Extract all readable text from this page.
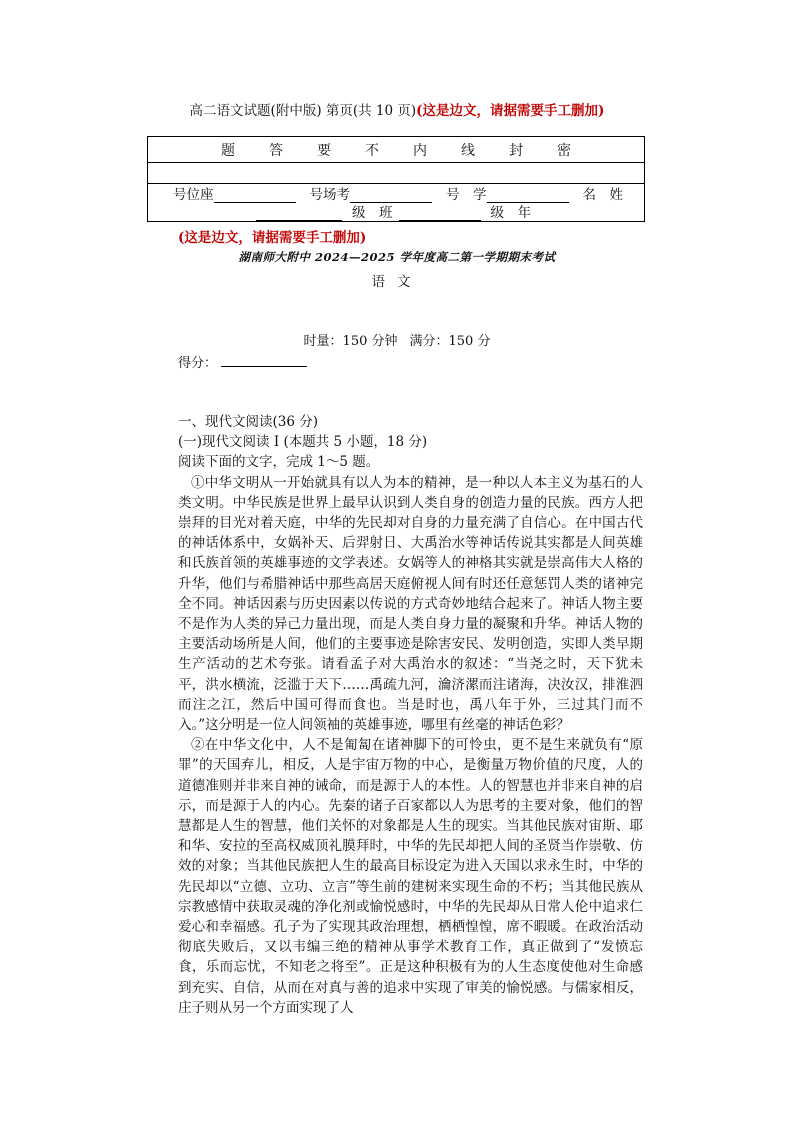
高二语文试题(附中版) 第页(共 10 页)(这是边文，请据需要手工删加)
题 答 要 不 内 线 封 密
号位座	号场考	号　学	名　姓
级　班	级　年
(这是边文，请据需要手工删加)
湖南师大附中 2024—2025 学年度高二第一学期期末考试
语文
时量：150 分钟 满分：150 分
得分：

一、现代文阅读(36 分)

(一)现代文阅读 I (本题共 5 小题，18 分)

阅读下面的文字，完成 1～5 题。

①中华文明从一开始就具有以人为本的精神，是一种以人本主义为基石的人类文明。中华民族是世界上最早认识到人类自身的创造力量的民族。西方人把崇拜的目光对着天庭，中华的先民却对自身的力量充满了自信心。在中国古代的神话体系中，女娲补天、后羿射日、大禹治水等神话传说其实都是人间英雄和氏族首领的英雄事迹的文学表述。女娲等人的神格其实就是崇高伟大人格的升华，他们与希腊神话中那些高居天庭俯视人间有时还任意惩罚人类的诸神完全不同。神话因素与历史因素以传说的方式奇妙地结合起来了。神话人物主要不是作为人类的异己力量出现，而是人类自身力量的凝聚和升华。神话人物的主要活动场所是人间，他们的主要事迹是除害安民、发明创造，实即人类早期生产活动的艺术夸张。请看孟子对大禹治水的叙述：“当尧之时，天下犹未平，洪水横流，泛滥于天下……禹疏九河，瀹济漯而注诸海，决汝汉，排淮泗而注之江，然后中国可得而食也。当是时也，禹八年于外，三过其门而不入。”这分明是一位人间领袖的英雄事迹，哪里有丝毫的神话色彩？

②在中华文化中，人不是匍匐在诸神脚下的可怜虫，更不是生来就负有“原罪”的天国弃儿，相反，人是宇宙万物的中心，是衡量万物价值的尺度，人的道德准则并非来自神的诫命，而是源于人的本性。人的智慧也并非来自神的启示，而是源于人的内心。先秦的诸子百家都以人为思考的主要对象，他们的智慧都是人生的智慧，他们关怀的对象都是人生的现实。当其他民族对宙斯、耶和华、安拉的至高权威顶礼膜拜时，中华的先民却把人间的圣贤当作崇敬、仿效的对象；当其他民族把人生的最高目标设定为进入天国以求永生时，中华的先民却以“立德、立功、立言”等生前的建树来实现生命的不朽；当其他民族从宗教感情中获取灵魂的净化剂或愉悦感时，中华的先民却从日常人伦中追求仁爱心和幸福感。孔子为了实现其政治理想，栖栖惶惶，席不暇暖。在政治活动彻底失败后，又以韦编三绝的精神从事学术教育工作，真正做到了“发愤忘食，乐而忘忧，不知老之将至”。正是这种积极有为的人生态度使他对生命感到充实、自信，从而在对真与善的追求中实现了审美的愉悦感。与儒家相反，庄子则从另一个方面实现了人
